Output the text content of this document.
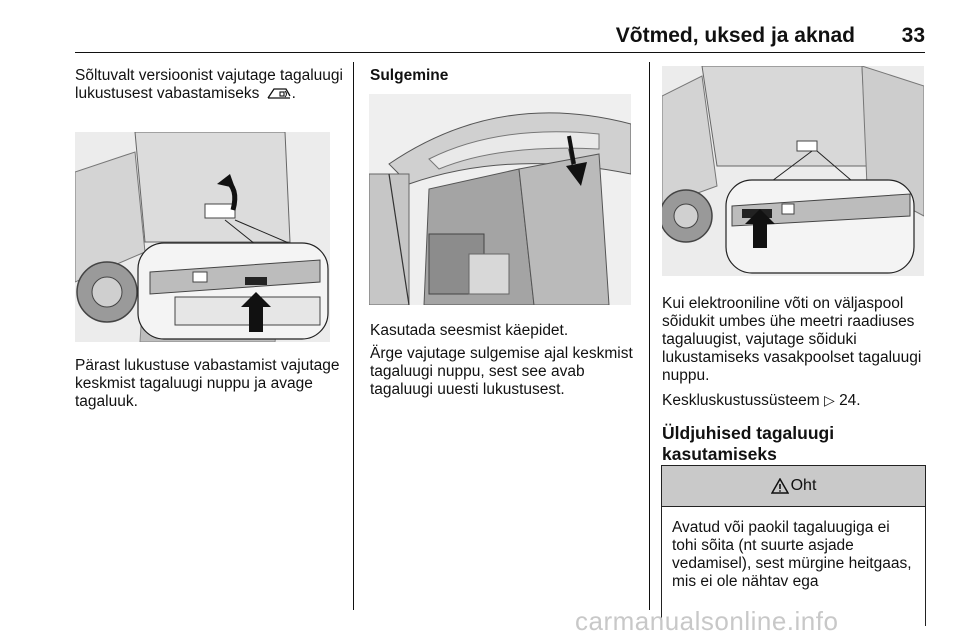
Võtmed, uksed ja aknad 33

Sõltuvalt versioonist vajutage tagaluugi lukustusest vabastamiseks .

Pärast lukustuse vabastamist vajutage keskmist tagaluugi nuppu ja avage tagaluuk.

Sulgemine

Kasutada seesmist käepidet.

Ärge vajutage sulgemise ajal keskmist tagaluugi nuppu, sest see avab tagaluugi uuesti lukustusest.

Kui elektrooniline võti on väljaspool sõidukit umbes ühe meetri raadiuses tagaluugist, vajutage sõiduki lukustamiseks vasakpoolset tagaluugi nuppu.

Keskluskustussüsteem ▷ 24.

Üldjuhised tagaluugi kasutamiseks

Oht
Avatud või paokil tagaluugiga ei tohi sõita (nt suurte asjade vedamisel), sest mürgine heitgaas, mis ei ole nähtav ega
carmanualsonline.info
